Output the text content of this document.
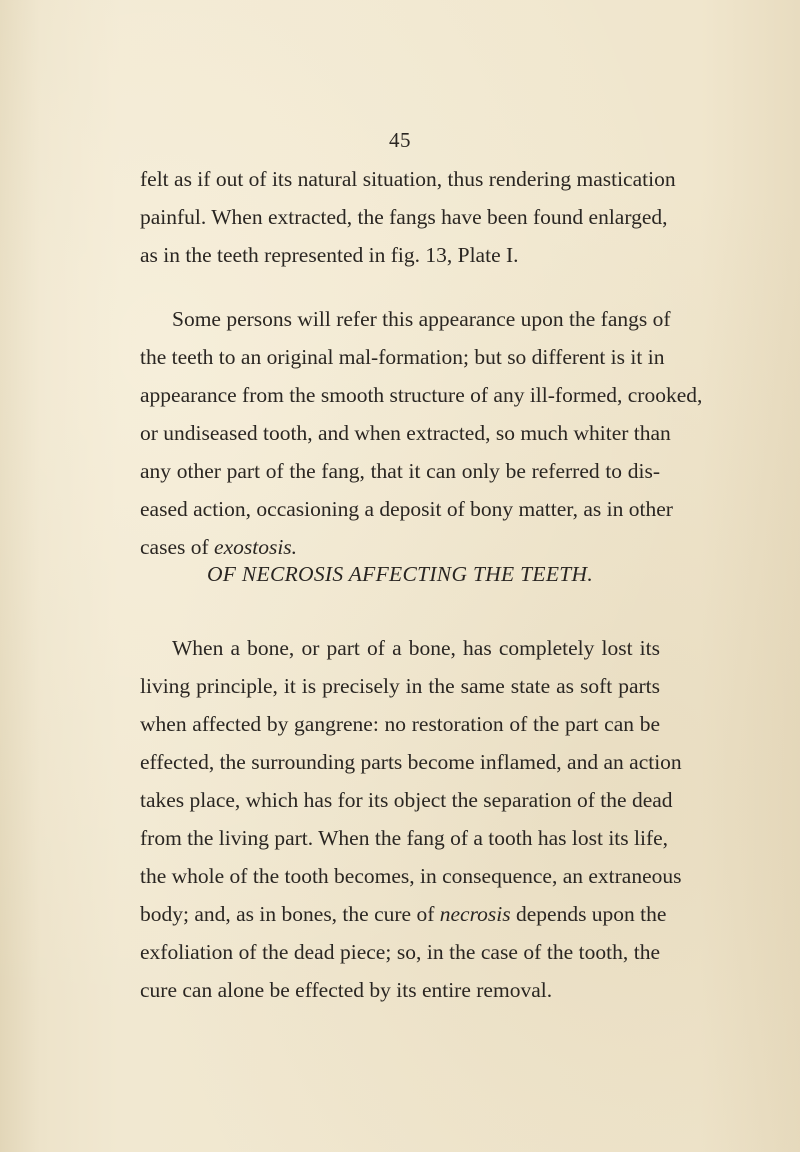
45
felt as if out of its natural situation, thus rendering mastication
painful. When extracted, the fangs have been found enlarged,
as in the teeth represented in fig. 13, Plate I.
Some persons will refer this appearance upon the fangs of
the teeth to an original mal-formation; but so different is it in
appearance from the smooth structure of any ill-formed, crooked,
or undiseased tooth, and when extracted, so much whiter than
any other part of the fang, that it can only be referred to dis-
eased action, occasioning a deposit of bony matter, as in other
cases of exostosis.
OF NECROSIS AFFECTING THE TEETH.
When a bone, or part of a bone, has completely lost its
living principle, it is precisely in the same state as soft parts
when affected by gangrene: no restoration of the part can be
effected, the surrounding parts become inflamed, and an action
takes place, which has for its object the separation of the dead
from the living part. When the fang of a tooth has lost its life,
the whole of the tooth becomes, in consequence, an extraneous
body; and, as in bones, the cure of necrosis depends upon the
exfoliation of the dead piece; so, in the case of the tooth, the
cure can alone be effected by its entire removal.
